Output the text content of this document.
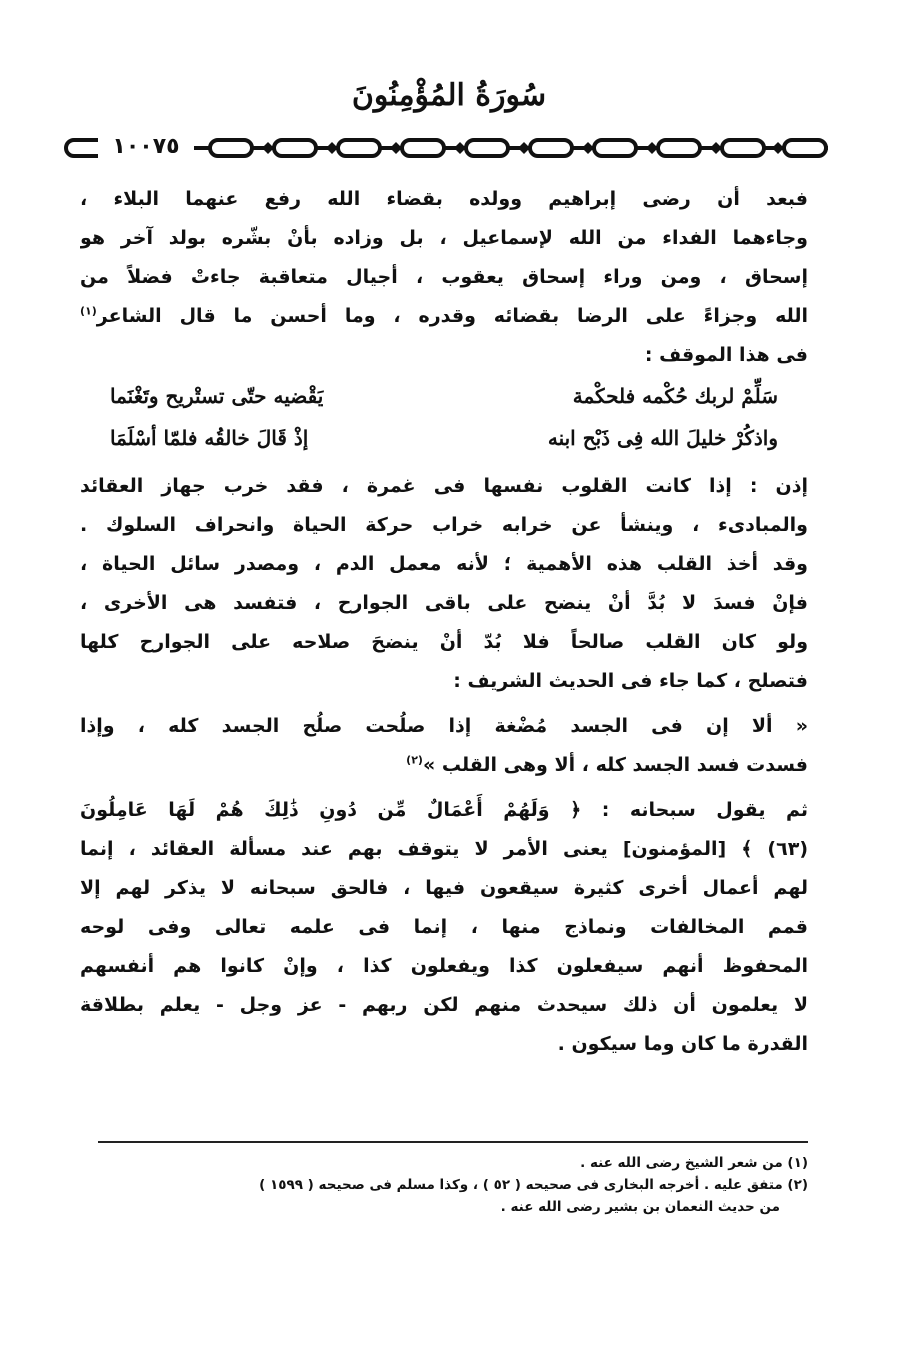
سُورَةُ المُؤْمِنُونَ
١٠٠٧٥
فبعد أن رضى إبراهيم وولده بقضاء الله رفع عنهما البلاء ،
وجاءهما الفداء من الله لإسماعيل ، بل وزاده بأنْ بشّره بولد آخر هو
إسحاق ، ومن وراء إسحاق يعقوب ، أجيال متعاقبة جاءتْ فضلاً من
الله وجزاءً على الرضا بقضائه وقدره ، وما أحسن ما قال الشاعر$^{(١)}$
فى هذا الموقف :
سَلِّمْ لربك حُكْمه فلحكْمة
يَقْضيه حتّى تستْريح وتَغْنَما
واذكُرْ خليلَ الله فِى ذَبْح ابنه
إذْ قَالَ خالقُه فلمّا أسْلَمَا
إذن : إذا كانت القلوب نفسها فى غمرة ، فقد خرب جهاز العقائد
والمبادىء ، وينشأ عن خرابه خراب حركة الحياة وانحراف السلوك .
وقد أخذ القلب هذه الأهمية ؛ لأنه معمل الدم ، ومصدر سائل الحياة ،
فإنْ فسدَ لا بُدَّ أنْ ينضح على باقى الجوارح ، فتفسد هى الأخرى ،
ولو كان القلب صالحاً فلا بُدّ أنْ ينضحَ صلاحه على الجوارح كلها
فتصلح ، كما جاء فى الحديث الشريف :
« ألا إن فى الجسد مُضْغة إذا صلُحت صلُح الجسد كله ، وإذا
فسدت فسد الجسد كله ، ألا وهى القلب »$^{(٢)}$
ثم يقول سبحانه : ﴿ وَلَهُمْ أَعْمَالٌ مِّن دُونِ ذَٰلِكَ هُمْ لَهَا عَامِلُونَ
(٦٣) ﴾ [المؤمنون] يعنى الأمر لا يتوقف بهم عند مسألة العقائد ، إنما
لهم أعمال أخرى كثيرة سيقعون فيها ، فالحق سبحانه لا يذكر لهم إلا
قمم المخالفات ونماذج منها ، إنما فى علمه تعالى وفى لوحه
المحفوظ أنهم سيفعلون كذا ويفعلون كذا ، وإنْ كانوا هم أنفسهم
لا يعلمون أن ذلك سيحدث منهم لكن ربهم - عز وجل - يعلم بطلاقة
القدرة ما كان وما سيكون .
(١) من شعر الشيخ رضى الله عنه .
(٢) متفق عليه . أخرجه البخارى فى صحيحه ( ٥٢ ) ، وكذا مسلم فى صحيحه ( ١٥٩٩ )
من حديث النعمان بن بشير رضى الله عنه .
